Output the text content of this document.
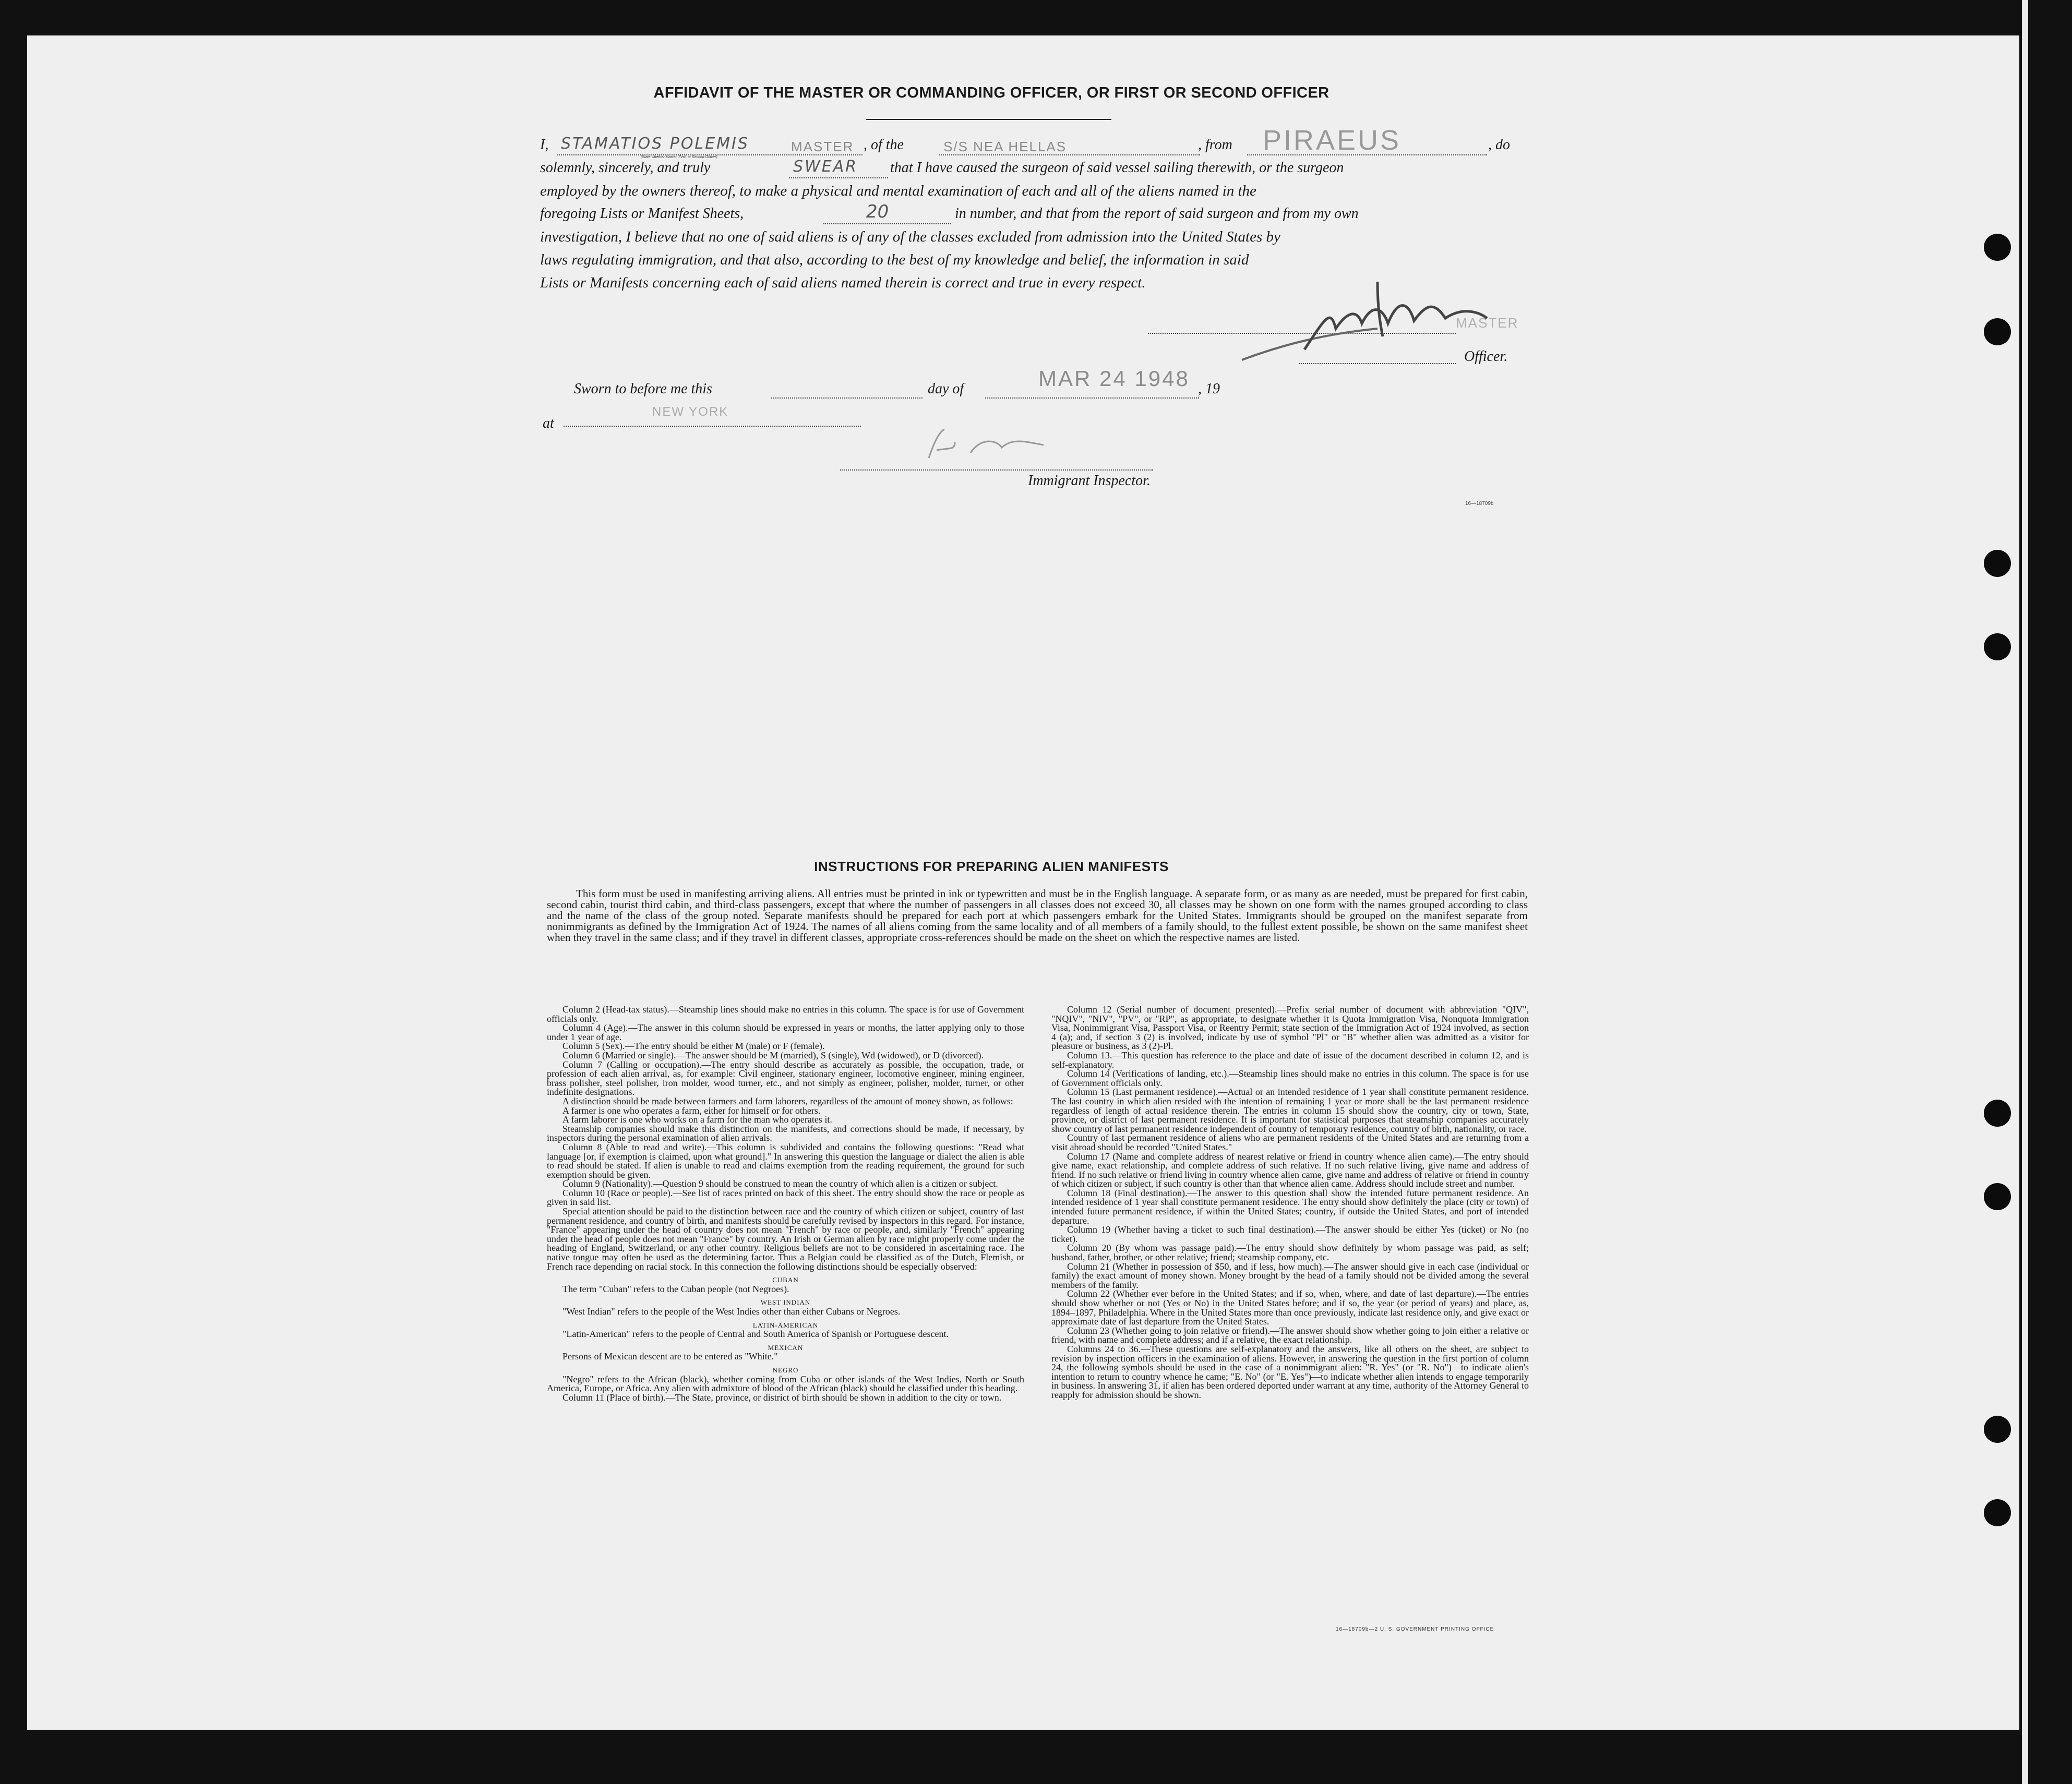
AFFIDAVIT OF THE MASTER OR COMMANDING OFFICER, OR FIRST OR SECOND OFFICER
I, STAMATIOS POLEMIS	MASTER
(State whether Master, First, or Second Officer)
, of the	S/S NEA HELLAS	, from PIRAEUS	, do
solemnly, sincerely, and truly	SWEAR that I have caused the surgeon of said vessel sailing therewith, or the surgeon
employed by the owners thereof, to make a physical and mental examination of each and all of the aliens named in the
foregoing Lists or Manifest Sheets,	20	in number, and that from the report of said surgeon and from my own
investigation, I believe that no one of said aliens is of any of the classes excluded from admission into the United States by
laws regulating immigration, and that also, according to the best of my knowledge and belief, the information in said
Lists or Manifests concerning each of said aliens named therein is correct and true in every respect.
MASTER
Officer.
Sworn to before me this	day of	MAR 24 1948 , 19
at
NEW YORK
Immigrant Inspector.
16—18709b
INSTRUCTIONS FOR PREPARING ALIEN MANIFESTS
This form must be used in manifesting arriving aliens. All entries must be printed in ink or typewritten and must be in the English language. A separate form, or as many as are needed, must be prepared for first cabin, second cabin, tourist third cabin, and third-class passengers, except that where the number of passengers in all classes does not exceed 30, all classes may be shown on one form with the names grouped according to class and the name of the class of the group noted. Separate manifests should be prepared for each port at which passengers embark for the United States. Immigrants should be grouped on the manifest separate from nonimmigrants as defined by the Immigration Act of 1924. The names of all aliens coming from the same locality and of all members of a family should, to the fullest extent possible, be shown on the same manifest sheet when they travel in the same class; and if they travel in different classes, appropriate cross-references should be made on the sheet on which the respective names are listed.

Column 2 (Head-tax status).—Steamship lines should make no entries in this column. The space is for use of Government officials only.

Column 4 (Age).—The answer in this column should be expressed in years or months, the latter applying only to those under 1 year of age.

Column 5 (Sex).—The entry should be either M (male) or F (female).

Column 6 (Married or single).—The answer should be M (married), S (single), Wd (widowed), or D (divorced).

Column 7 (Calling or occupation).—The entry should describe as accurately as possible, the occupation, trade, or profession of each alien arrival, as, for example: Civil engineer, stationary engineer, locomotive engineer, mining engineer, brass polisher, steel polisher, iron molder, wood turner, etc., and not simply as engineer, polisher, molder, turner, or other indefinite designations.

A distinction should be made between farmers and farm laborers, regardless of the amount of money shown, as follows:

A farmer is one who operates a farm, either for himself or for others.

A farm laborer is one who works on a farm for the man who operates it.

Steamship companies should make this distinction on the manifests, and corrections should be made, if necessary, by inspectors during the personal examination of alien arrivals.

Column 8 (Able to read and write).—This column is subdivided and contains the following questions: "Read what language [or, if exemption is claimed, upon what ground]." In answering this question the language or dialect the alien is able to read should be stated. If alien is unable to read and claims exemption from the reading requirement, the ground for such exemption should be given.

Column 9 (Nationality).—Question 9 should be construed to mean the country of which alien is a citizen or subject.

Column 10 (Race or people).—See list of races printed on back of this sheet. The entry should show the race or people as given in said list.

Special attention should be paid to the distinction between race and the country of which citizen or subject, country of last permanent residence, and country of birth, and manifests should be carefully revised by inspectors in this regard. For instance, "France" appearing under the head of country does not mean "French" by race or people, and, similarly "French" appearing under the head of people does not mean "France" by country. An Irish or German alien by race might properly come under the heading of England, Switzerland, or any other country. Religious beliefs are not to be considered in ascertaining race. The native tongue may often be used as the determining factor. Thus a Belgian could be classified as of the Dutch, Flemish, or French race depending on racial stock. In this connection the following distinctions should be especially observed:

CUBAN

The term "Cuban" refers to the Cuban people (not Negroes).

WEST INDIAN

"West Indian" refers to the people of the West Indies other than either Cubans or Negroes.

LATIN-AMERICAN

"Latin-American" refers to the people of Central and South America of Spanish or Portuguese descent.

MEXICAN

Persons of Mexican descent are to be entered as "White."

NEGRO

"Negro" refers to the African (black), whether coming from Cuba or other islands of the West Indies, North or South America, Europe, or Africa. Any alien with admixture of blood of the African (black) should be classified under this heading.

Column 11 (Place of birth).—The State, province, or district of birth should be shown in addition to the city or town.

Column 12 (Serial number of document presented).—Prefix serial number of document with abbreviation "QIV", "NQIV", "NIV", "PV", or "RP", as appropriate, to designate whether it is Quota Immigration Visa, Nonquota Immigration Visa, Nonimmigrant Visa, Passport Visa, or Reentry Permit; state section of the Immigration Act of 1924 involved, as section 4 (a); and, if section 3 (2) is involved, indicate by use of symbol "Pl" or "B" whether alien was admitted as a visitor for pleasure or business, as 3 (2)-Pl.

Column 13.—This question has reference to the place and date of issue of the document described in column 12, and is self-explanatory.

Column 14 (Verifications of landing, etc.).—Steamship lines should make no entries in this column. The space is for use of Government officials only.

Column 15 (Last permanent residence).—Actual or an intended residence of 1 year shall constitute permanent residence. The last country in which alien resided with the intention of remaining 1 year or more shall be the last permanent residence regardless of length of actual residence therein. The entries in column 15 should show the country, city or town, State, province, or district of last permanent residence. It is important for statistical purposes that steamship companies accurately show country of last permanent residence independent of country of temporary residence, country of birth, nationality, or race.

Country of last permanent residence of aliens who are permanent residents of the United States and are returning from a visit abroad should be recorded "United States."

Column 17 (Name and complete address of nearest relative or friend in country whence alien came).—The entry should give name, exact relationship, and complete address of such relative. If no such relative living, give name and address of friend. If no such relative or friend living in country whence alien came, give name and address of relative or friend in country of which citizen or subject, if such country is other than that whence alien came. Address should include street and number.

Column 18 (Final destination).—The answer to this question shall show the intended future permanent residence. An intended residence of 1 year shall constitute permanent residence. The entry should show definitely the place (city or town) of intended future permanent residence, if within the United States; country, if outside the United States, and port of intended departure.

Column 19 (Whether having a ticket to such final destination).—The answer should be either Yes (ticket) or No (no ticket).

Column 20 (By whom was passage paid).—The entry should show definitely by whom passage was paid, as self; husband, father, brother, or other relative; friend; steamship company, etc.

Column 21 (Whether in possession of $50, and if less, how much).—The answer should give in each case (individual or family) the exact amount of money shown. Money brought by the head of a family should not be divided among the several members of the family.

Column 22 (Whether ever before in the United States; and if so, when, where, and date of last departure).—The entries should show whether or not (Yes or No) in the United States before; and if so, the year (or period of years) and place, as, 1894–1897, Philadelphia. Where in the United States more than once previously, indicate last residence only, and give exact or approximate date of last departure from the United States.

Column 23 (Whether going to join relative or friend).—The answer should show whether going to join either a relative or friend, with name and complete address; and if a relative, the exact relationship.

Columns 24 to 36.—These questions are self-explanatory and the answers, like all others on the sheet, are subject to revision by inspection officers in the examination of aliens. However, in answering the question in the first portion of column 24, the following symbols should be used in the case of a nonimmigrant alien: "R. Yes" (or "R. No")—to indicate alien's intention to return to country whence he came; "E. No" (or "E. Yes")—to indicate whether alien intends to engage temporarily in business. In answering 31, if alien has been ordered deported under warrant at any time, authority of the Attorney General to reapply for admission should be shown.

16—18709b—2 U. S. GOVERNMENT PRINTING OFFICE
